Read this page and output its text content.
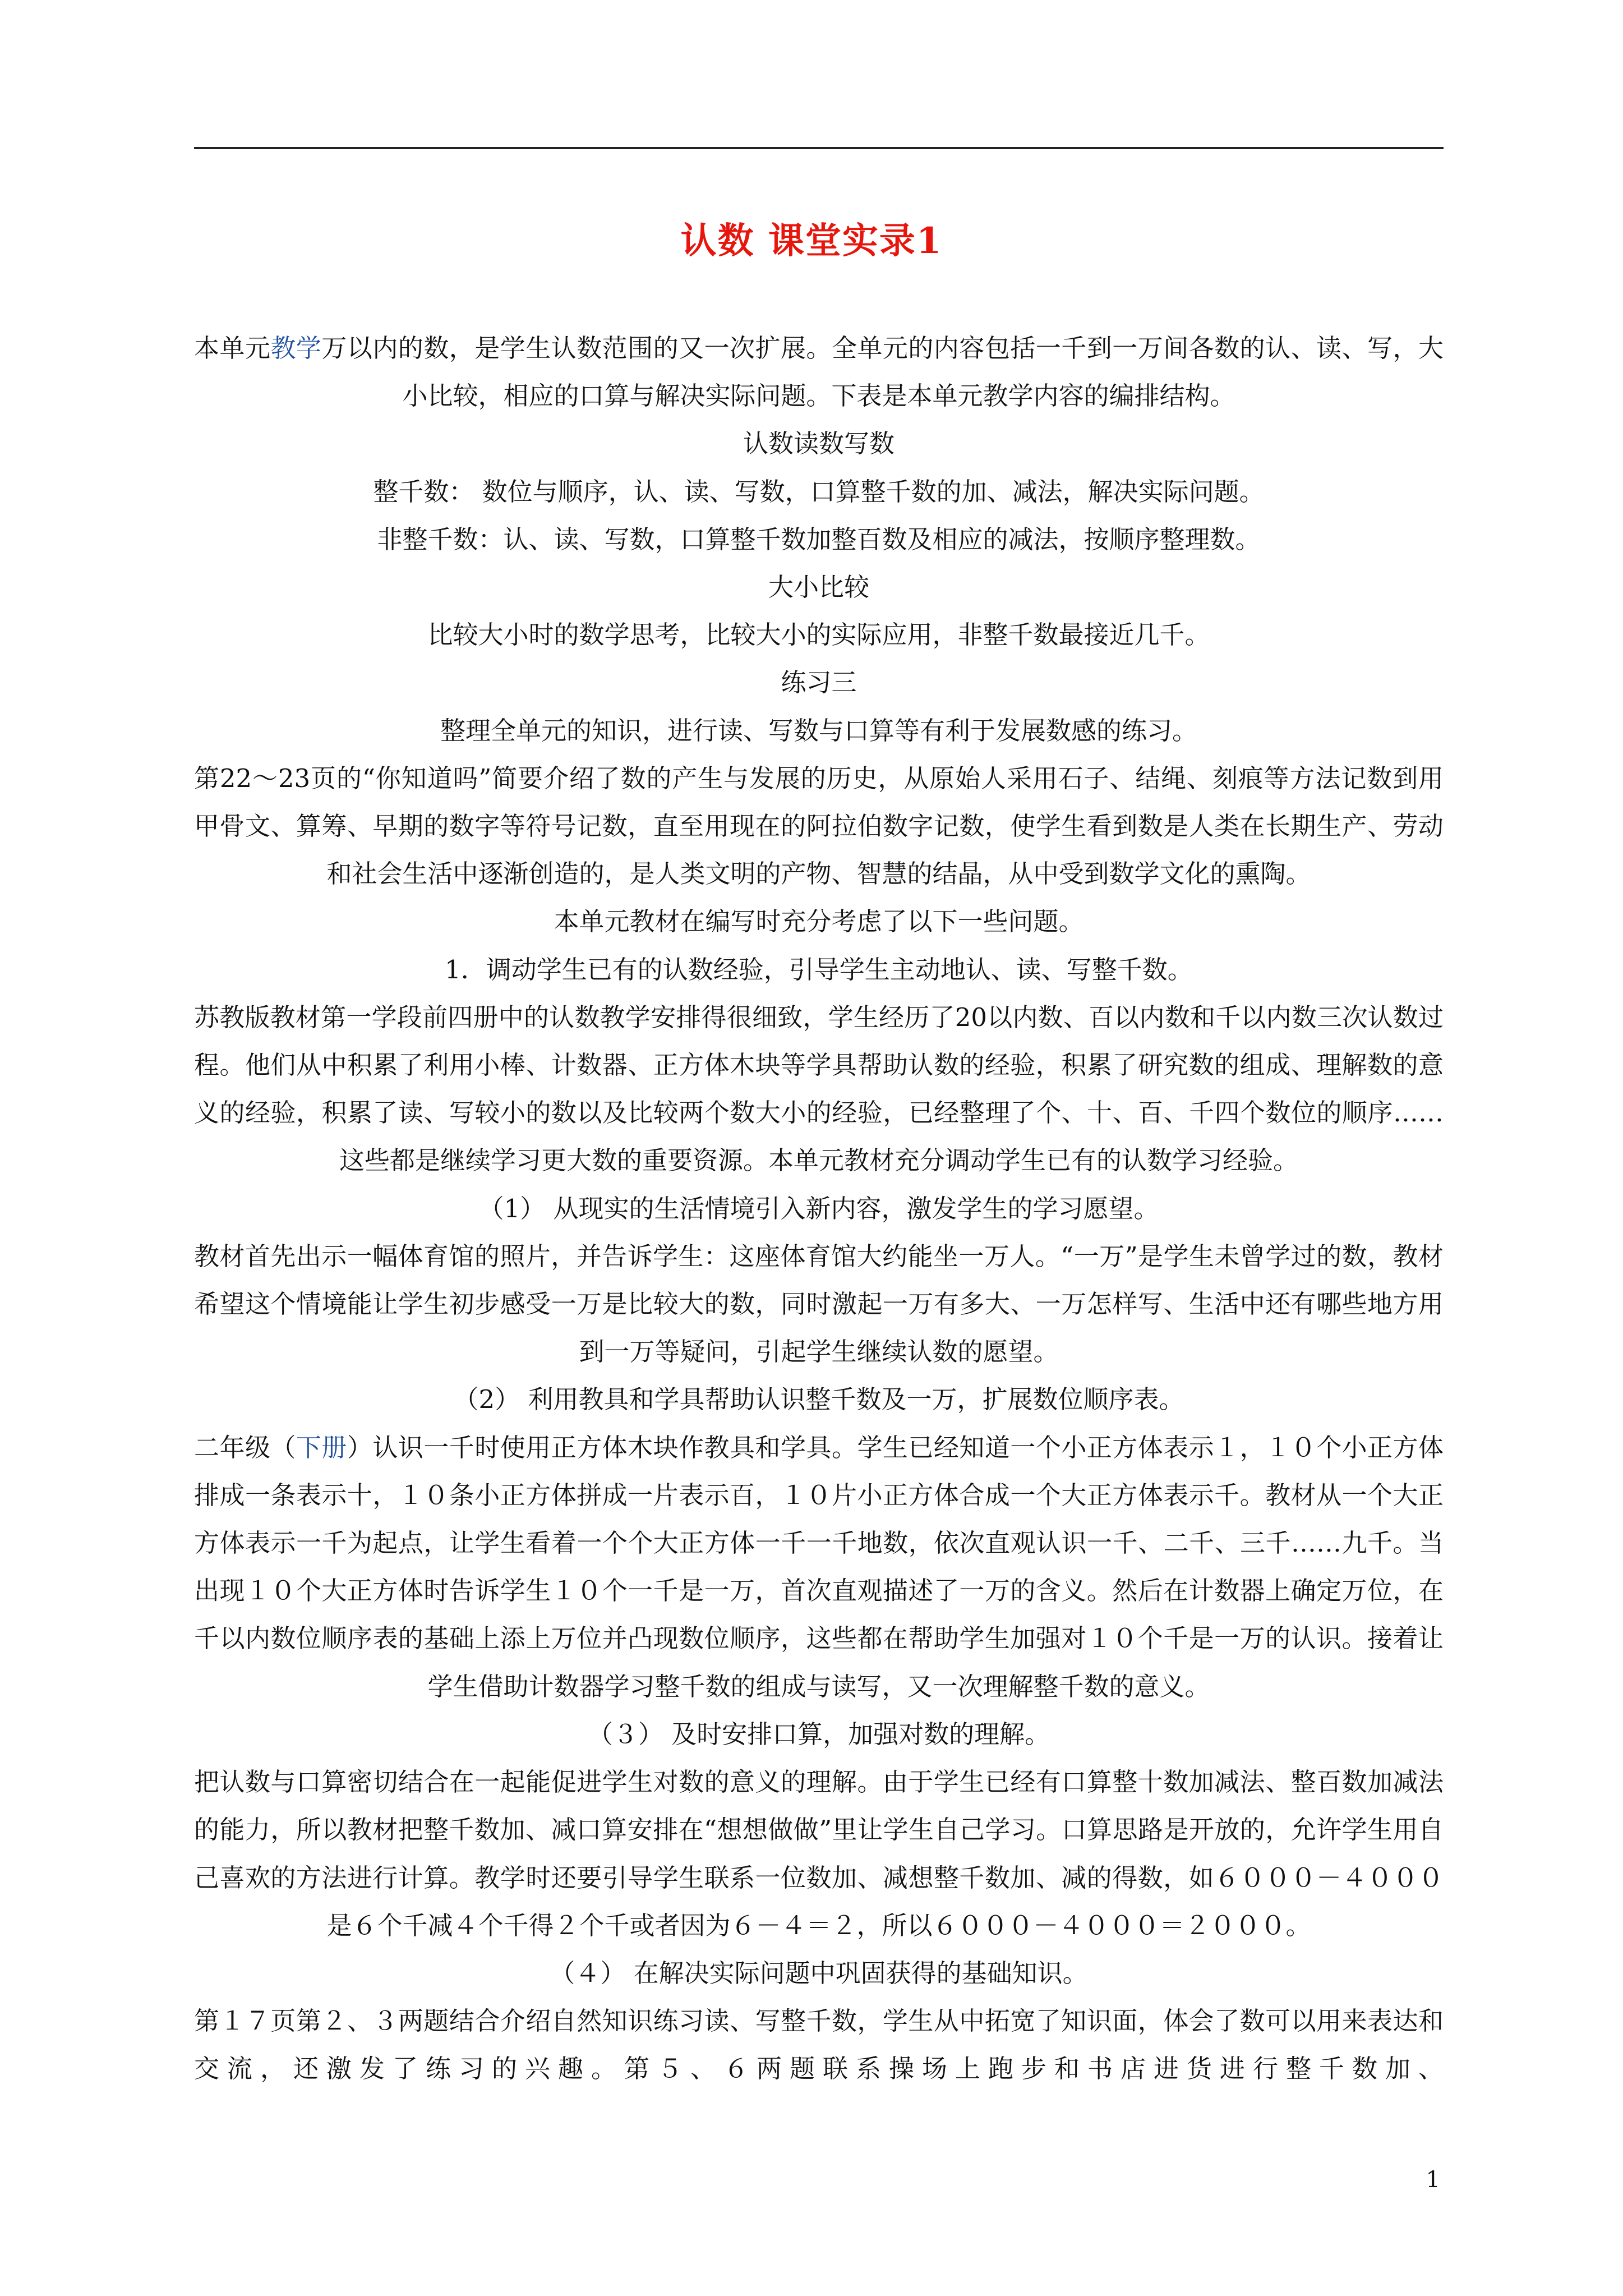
认数 课堂实录1

本单元教学万以内的数，是学生认数范围的又一次扩展。全单元的内容包括一千到一万间各数的认、读、写，大小比较，相应的口算与解决实际问题。下表是本单元教学内容的编排结构。

认数读数写数

整千数： 数位与顺序，认、读、写数，口算整千数的加、减法，解决实际问题。

非整千数：认、读、写数，口算整千数加整百数及相应的减法，按顺序整理数。

大小比较

比较大小时的数学思考，比较大小的实际应用，非整千数最接近几千。

练习三

整理全单元的知识，进行读、写数与口算等有利于发展数感的练习。

第22～23页的“你知道吗”简要介绍了数的产生与发展的历史，从原始人采用石子、结绳、刻痕等方法记数到用甲骨文、算筹、早期的数字等符号记数，直至用现在的阿拉伯数字记数，使学生看到数是人类在长期生产、劳动和社会生活中逐渐创造的，是人类文明的产物、智慧的结晶，从中受到数学文化的熏陶。

本单元教材在编写时充分考虑了以下一些问题。

1．调动学生已有的认数经验，引导学生主动地认、读、写整千数。

苏教版教材第一学段前四册中的认数教学安排得很细致，学生经历了20以内数、百以内数和千以内数三次认数过程。他们从中积累了利用小棒、计数器、正方体木块等学具帮助认数的经验，积累了研究数的组成、理解数的意义的经验，积累了读、写较小的数以及比较两个数大小的经验，已经整理了个、十、百、千四个数位的顺序……这些都是继续学习更大数的重要资源。本单元教材充分调动学生已有的认数学习经验。

（1） 从现实的生活情境引入新内容，激发学生的学习愿望。

教材首先出示一幅体育馆的照片，并告诉学生：这座体育馆大约能坐一万人。“一万”是学生未曾学过的数，教材希望这个情境能让学生初步感受一万是比较大的数，同时激起一万有多大、一万怎样写、生活中还有哪些地方用到一万等疑问，引起学生继续认数的愿望。

（2） 利用教具和学具帮助认识整千数及一万，扩展数位顺序表。

二年级（下册）认识一千时使用正方体木块作教具和学具。学生已经知道一个小正方体表示１，１０个小正方体排成一条表示十，１０条小正方体拼成一片表示百，１０片小正方体合成一个大正方体表示千。教材从一个大正方体表示一千为起点，让学生看着一个个大正方体一千一千地数，依次直观认识一千、二千、三千……九千。当出现１０个大正方体时告诉学生１０个一千是一万，首次直观描述了一万的含义。然后在计数器上确定万位，在千以内数位顺序表的基础上添上万位并凸现数位顺序，这些都在帮助学生加强对１０个千是一万的认识。接着让学生借助计数器学习整千数的组成与读写，又一次理解整千数的意义。

（３） 及时安排口算，加强对数的理解。

把认数与口算密切结合在一起能促进学生对数的意义的理解。由于学生已经有口算整十数加减法、整百数加减法的能力，所以教材把整千数加、减口算安排在“想想做做”里让学生自己学习。口算思路是开放的，允许学生用自己喜欢的方法进行计算。教学时还要引导学生联系一位数加、减想整千数加、减的得数，如６０００－４０００是６个千减４个千得２个千或者因为６－４＝２，所以６０００－４０００＝２０００。

（４） 在解决实际问题中巩固获得的基础知识。

第１７页第２、３两题结合介绍自然知识练习读、写整千数，学生从中拓宽了知识面，体会了数可以用来表达和交流，还激发了练习的兴趣。第５、６两题联系操场上跑步和书店进货进行整千数加、

1
